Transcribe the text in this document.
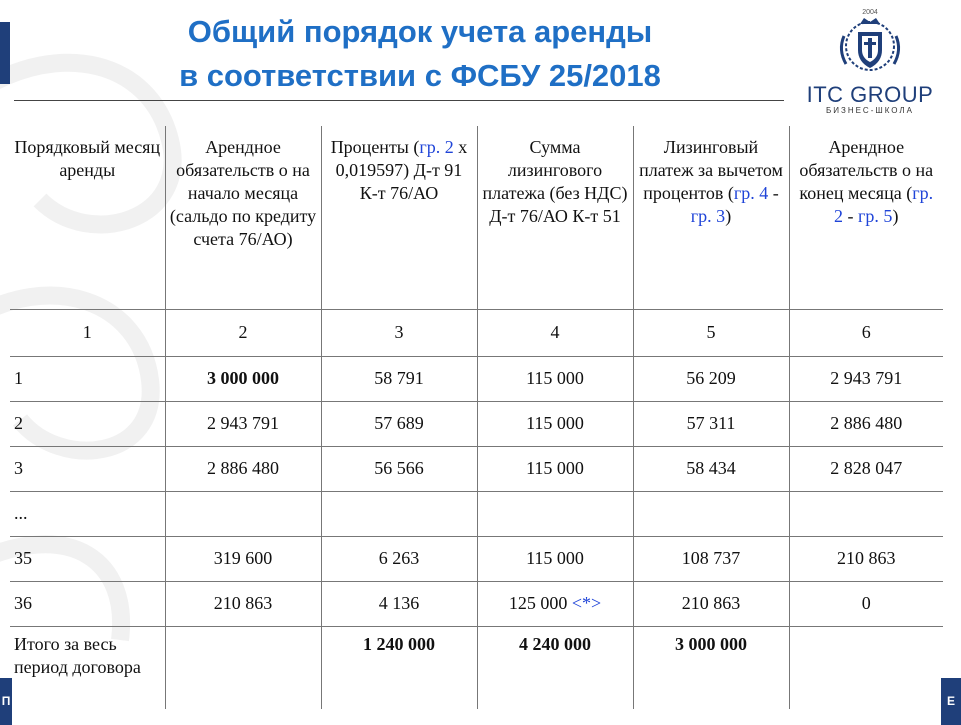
Общий порядок учета аренды
в соответствии с ФСБУ 25/2018
2004
ITC GROUP
БИЗНЕС-ШКОЛА
Порядковый месяц аренды	Арендное обязательств о на начало месяца (сальдо по кредиту счета 76/АО)	Проценты (гр. 2 х 0,019597) Д-т 91 К-т 76/АО	Сумма лизингового платежа (без НДС) Д-т 76/АО К-т 51	Лизинговый платеж за вычетом процентов (гр. 4 - гр. 3)	Арендное обязательств о на конец месяца (гр. 2 - гр. 5)
1	2	3	4	5	6
1	3 000 000	58 791	115 000	56 209	2 943 791
2	2 943 791	57 689	115 000	57 311	2 886 480
3	2 886 480	56 566	115 000	58 434	2 828 047
...					
35	319 600	6 263	115 000	108 737	210 863
36	210 863	4 136	125 000 <*>	210 863	0
Итого за весь период договора		1 240 000	4 240 000	3 000 000	
П	Е
